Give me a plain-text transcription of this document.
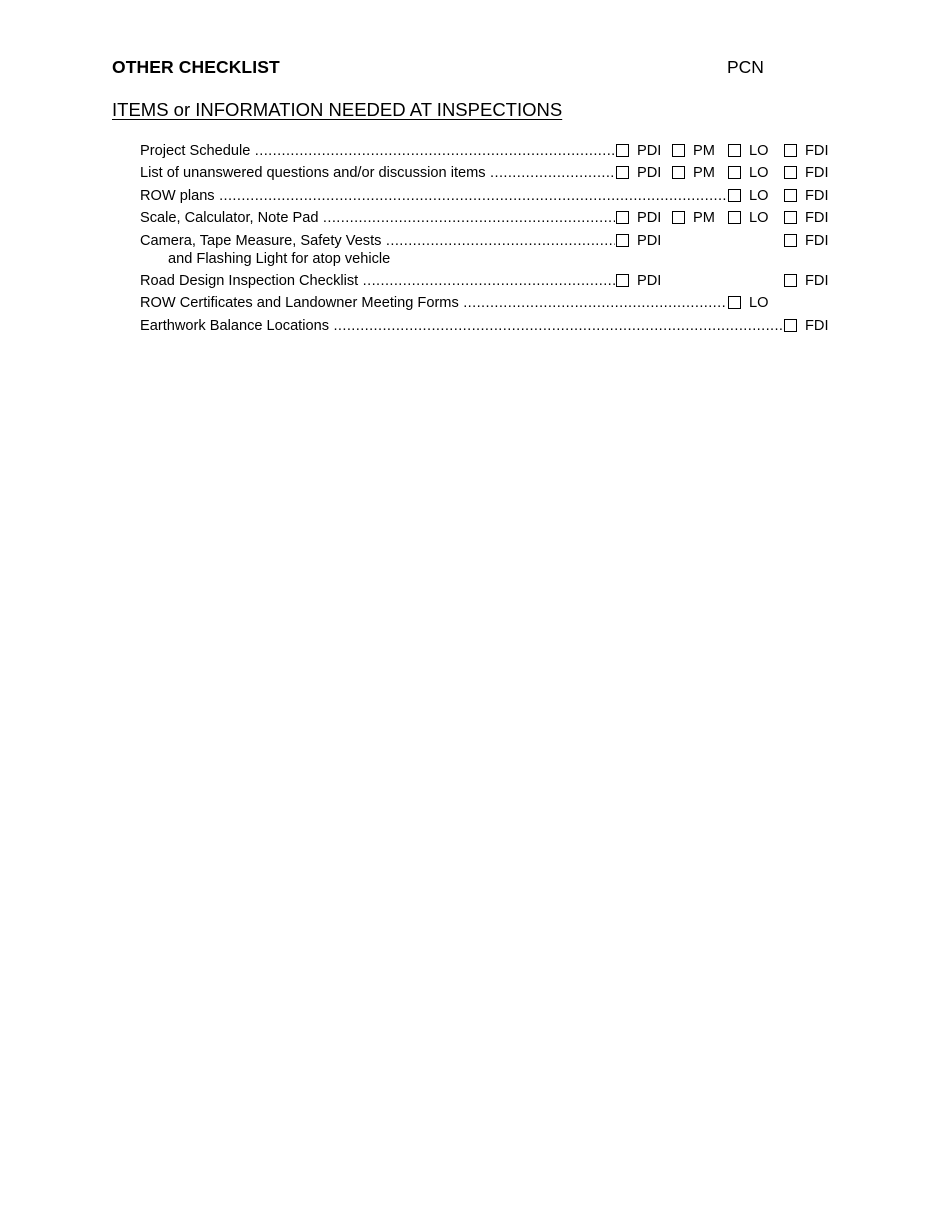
OTHER CHECKLIST	PCN
ITEMS or INFORMATION NEEDED AT INSPECTIONS
Project Schedule .....	PDI PM LO	FDI
List of unanswered questions and/or discussion items .....	PDI PM LO	FDI
ROW plans .....	LO	FDI
Scale, Calculator, Note Pad .....	PDI PM LO	FDI
Camera, Tape Measure, Safety Vests .....	PDI	FDI
and Flashing Light for atop vehicle
Road Design Inspection Checklist .....	PDI	FDI
ROW Certificates and Landowner Meeting Forms .....	LO
Earthwork Balance Locations .....	FDI
